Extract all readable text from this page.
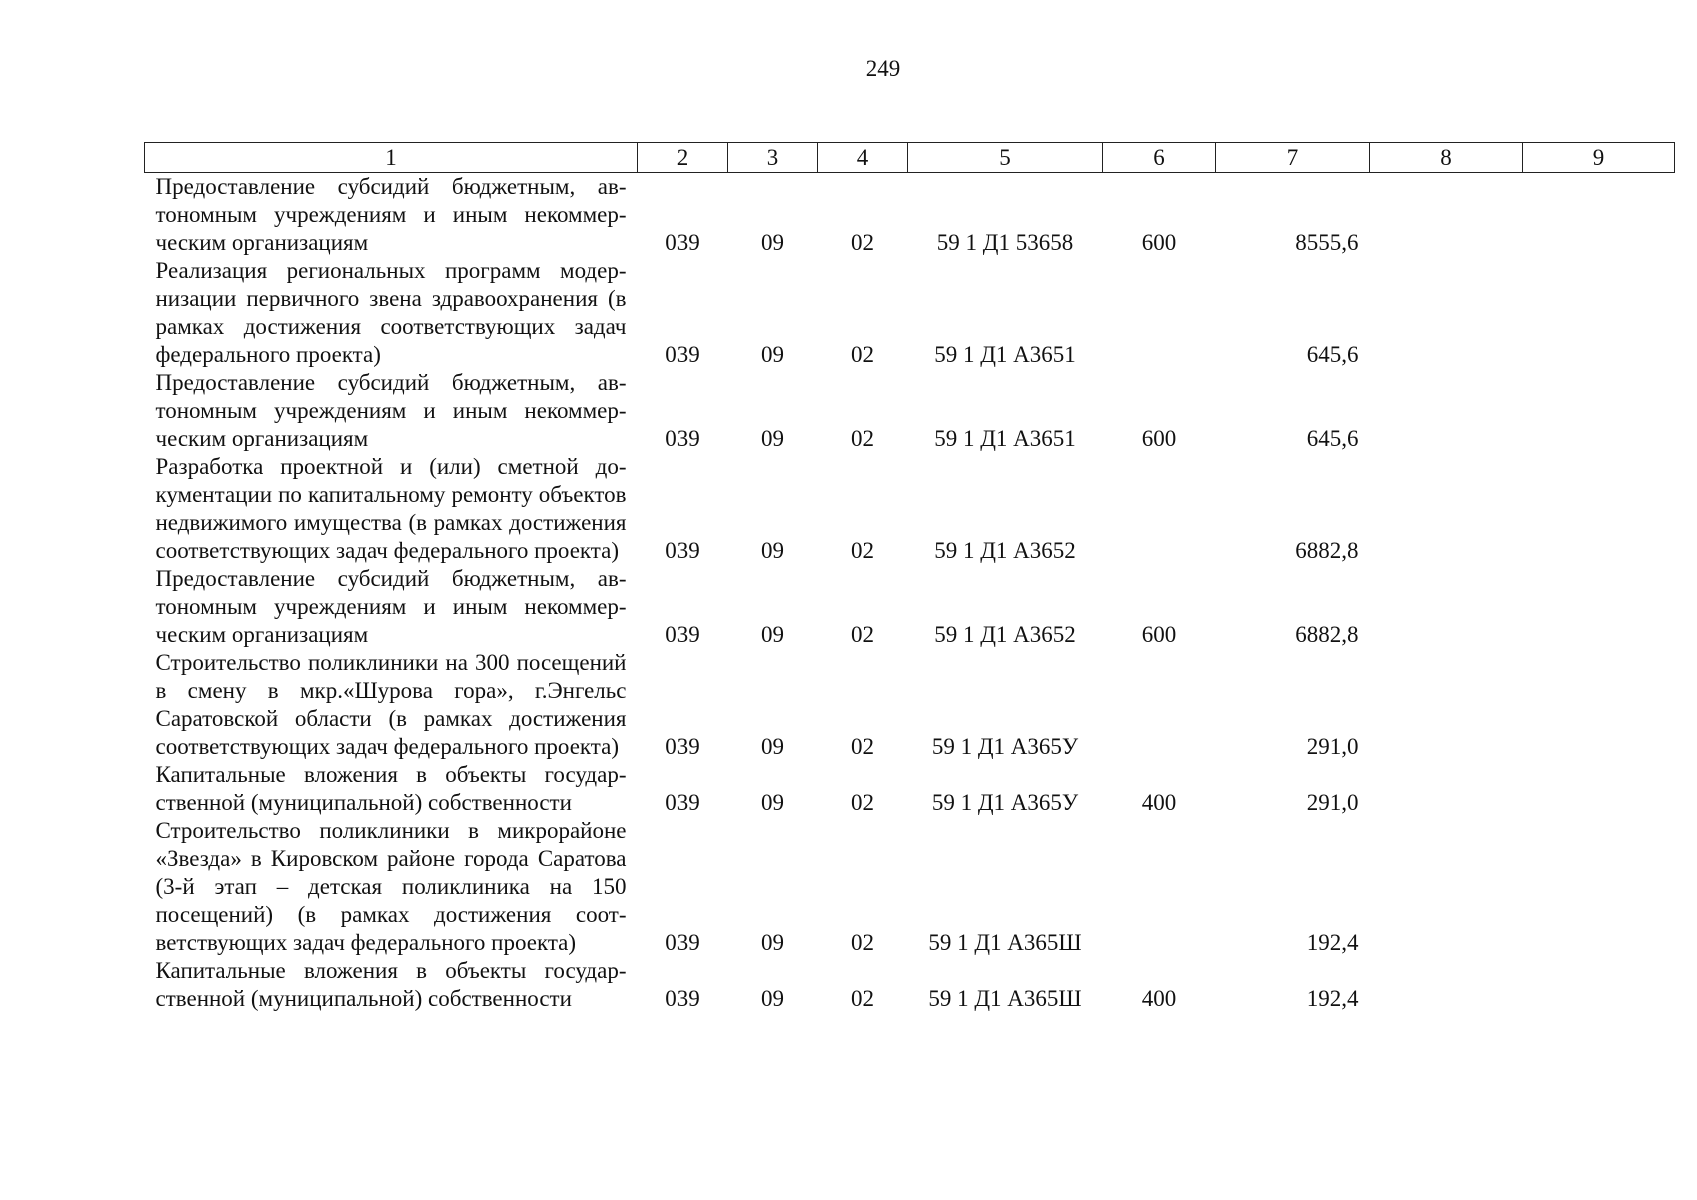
249
1	2	3	4	5	6	7	8	9
Предоставление субсидий бюджетным, автономным учреждениям и иным некоммерческим организациям	039	09	02	59 1 Д1 53658	600	8555,6		
Реализация региональных программ модернизации первичного звена здравоохранения (в рамках достижения соответствующих задач федерального проекта)	039	09	02	59 1 Д1 А3651		645,6		
Предоставление субсидий бюджетным, автономным учреждениям и иным некоммерческим организациям	039	09	02	59 1 Д1 А3651	600	645,6		
Разработка проектной и (или) сметной документации по капитальному ремонту объектов недвижимого имущества (в рамках достижения соответствующих задач федерального проекта)	039	09	02	59 1 Д1 А3652		6882,8		
Предоставление субсидий бюджетным, автономным учреждениям и иным некоммерческим организациям	039	09	02	59 1 Д1 А3652	600	6882,8		
Строительство поликлиники на 300 посещений в смену в мкр.«Шурова гора», г.Энгельс Саратовской области (в рамках достижения соответствующих задач федерального проекта)	039	09	02	59 1 Д1 А365У		291,0		
Капитальные вложения в объекты государственной (муниципальной) собственности	039	09	02	59 1 Д1 А365У	400	291,0		
Строительство поликлиники в микрорайоне «Звезда» в Кировском районе города Саратова (3-й этап – детская поликлиника на 150 посещений) (в рамках достижения соответствующих задач федерального проекта)	039	09	02	59 1 Д1 А365Ш		192,4		
Капитальные вложения в объекты государственной (муниципальной) собственности	039	09	02	59 1 Д1 А365Ш	400	192,4		
